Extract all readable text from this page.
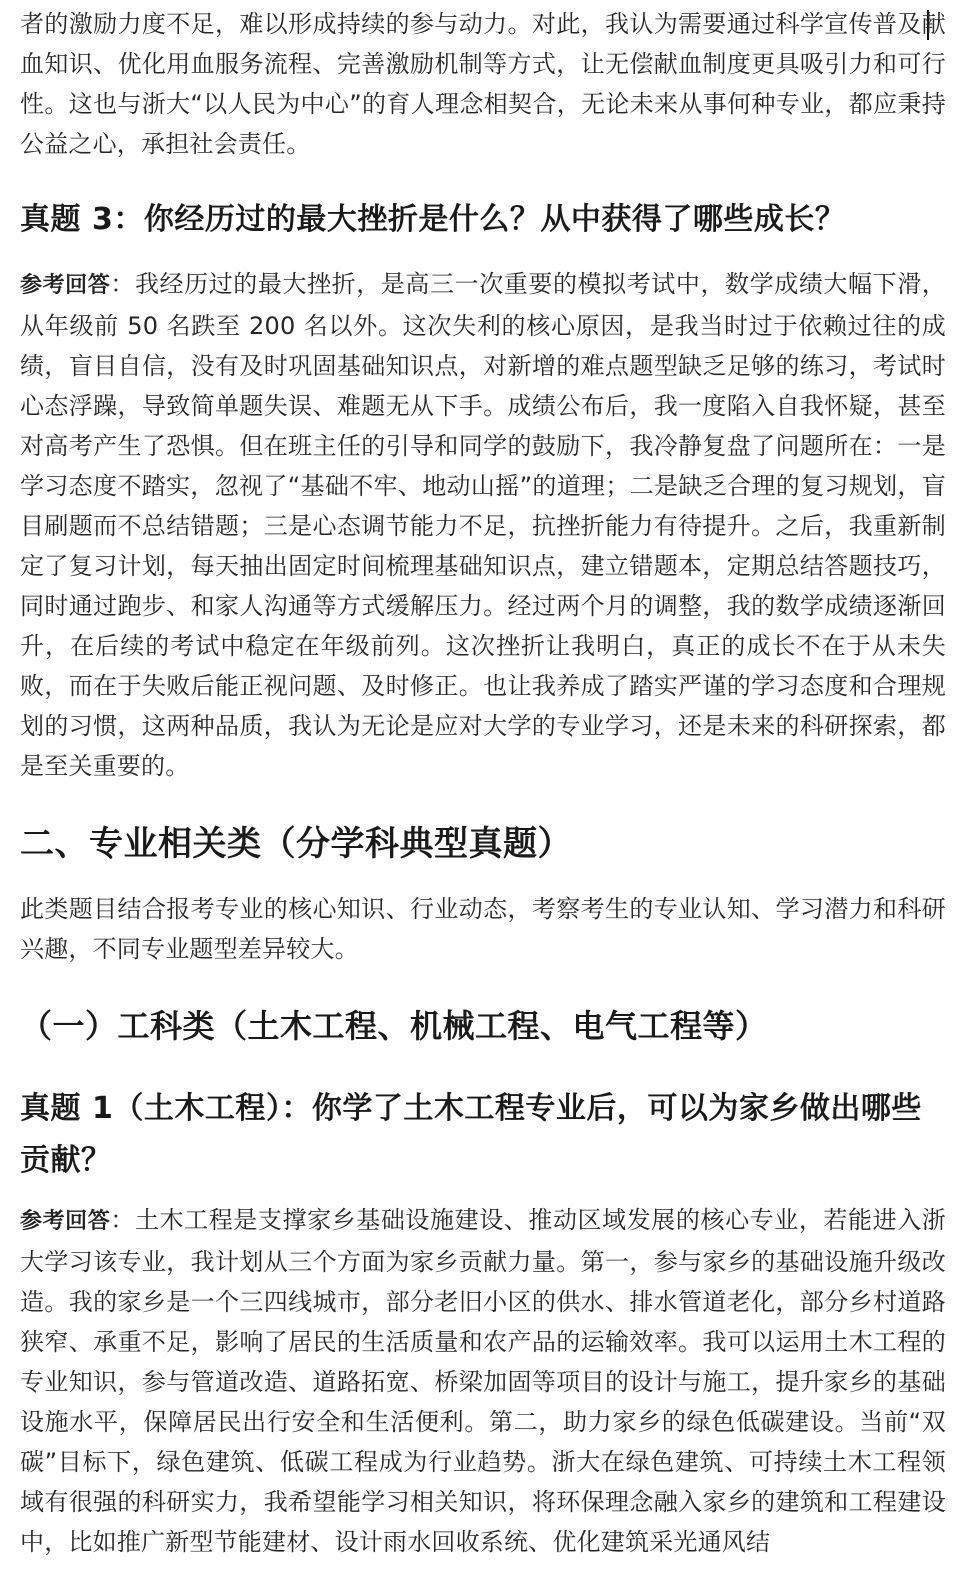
者的激励力度不足，难以形成持续的参与动力。对此，我认为需要通过科学宣传普及献血知识、优化用血服务流程、完善激励机制等方式，让无偿献血制度更具吸引力和可行性。这也与浙大“以人民为中心”的育人理念相契合，无论未来从事何种专业，都应秉持公益之心，承担社会责任。

真题 3：你经历过的最大挫折是什么？从中获得了哪些成长？

参考回答：我经历过的最大挫折，是高三一次重要的模拟考试中，数学成绩大幅下滑，从年级前 50 名跌至 200 名以外。这次失利的核心原因，是我当时过于依赖过往的成绩，盲目自信，没有及时巩固基础知识点，对新增的难点题型缺乏足够的练习，考试时心态浮躁，导致简单题失误、难题无从下手。成绩公布后，我一度陷入自我怀疑，甚至对高考产生了恐惧。但在班主任的引导和同学的鼓励下，我冷静复盘了问题所在：一是学习态度不踏实，忽视了“基础不牢、地动山摇”的道理；二是缺乏合理的复习规划，盲目刷题而不总结错题；三是心态调节能力不足，抗挫折能力有待提升。之后，我重新制定了复习计划，每天抽出固定时间梳理基础知识点，建立错题本，定期总结答题技巧，同时通过跑步、和家人沟通等方式缓解压力。经过两个月的调整，我的数学成绩逐渐回升，在后续的考试中稳定在年级前列。这次挫折让我明白，真正的成长不在于从未失败，而在于失败后能正视问题、及时修正。也让我养成了踏实严谨的学习态度和合理规划的习惯，这两种品质，我认为无论是应对大学的专业学习，还是未来的科研探索，都是至关重要的。

二、专业相关类（分学科典型真题）

此类题目结合报考专业的核心知识、行业动态，考察考生的专业认知、学习潜力和科研兴趣，不同专业题型差异较大。

（一）工科类（土木工程、机械工程、电气工程等）
真题 1（土木工程）：你学了土木工程专业后，可以为家乡做出哪些贡献？

参考回答：土木工程是支撑家乡基础设施建设、推动区域发展的核心专业，若能进入浙大学习该专业，我计划从三个方面为家乡贡献力量。第一，参与家乡的基础设施升级改造。我的家乡是一个三四线城市，部分老旧小区的供水、排水管道老化，部分乡村道路狭窄、承重不足，影响了居民的生活质量和农产品的运输效率。我可以运用土木工程的专业知识，参与管道改造、道路拓宽、桥梁加固等项目的设计与施工，提升家乡的基础设施水平，保障居民出行安全和生活便利。第二，助力家乡的绿色低碳建设。当前“双碳”目标下，绿色建筑、低碳工程成为行业趋势。浙大在绿色建筑、可持续土木工程领域有很强的科研实力，我希望能学习相关知识，将环保理念融入家乡的建筑和工程建设中，比如推广新型节能建材、设计雨水回收系统、优化建筑采光通风结
